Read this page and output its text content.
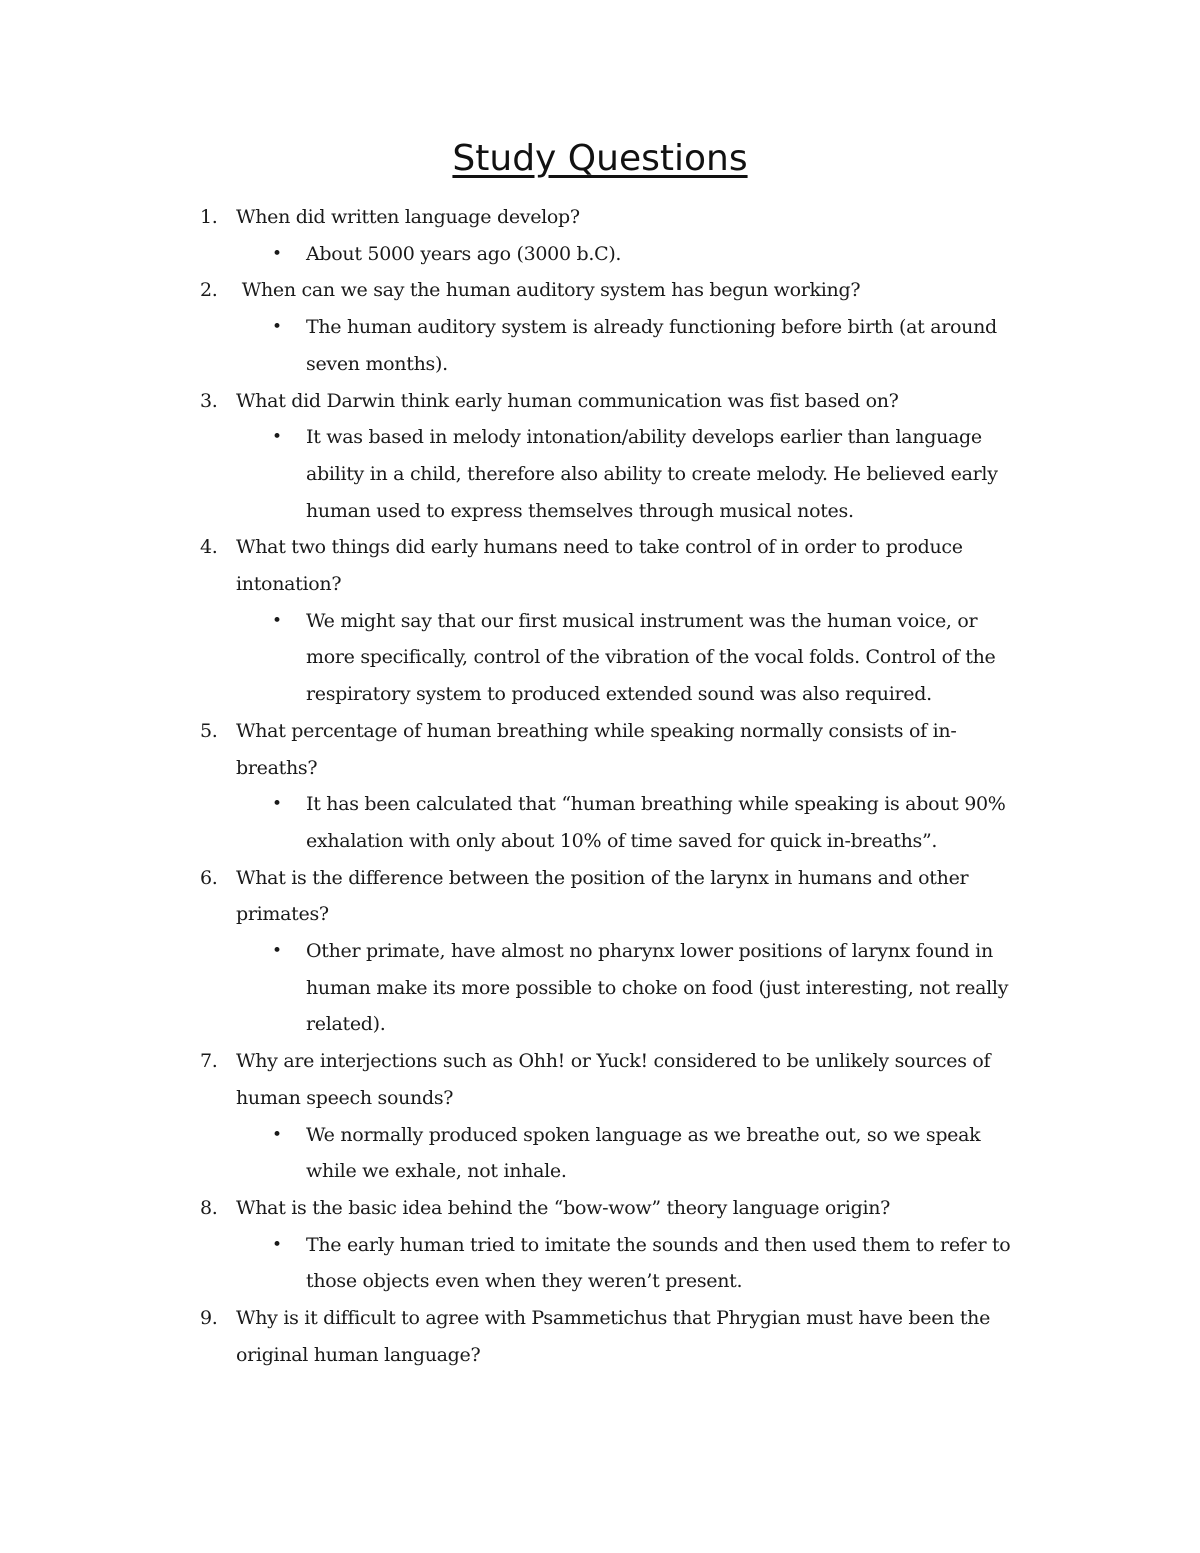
Study Questions
1. When did written language develop?
• About 5000 years ago (3000 b.C).
2. When can we say the human auditory system has begun working?
• The human auditory system is already functioning before birth (at around seven months).
3. What did Darwin think early human communication was fist based on?
• It was based in melody intonation/ability develops earlier than language ability in a child, therefore also ability to create melody. He believed early human used to express themselves through musical notes.
4. What two things did early humans need to take control of in order to produce intonation?
• We might say that our first musical instrument was the human voice, or more specifically, control of the vibration of the vocal folds. Control of the respiratory system to produced extended sound was also required.
5. What percentage of human breathing while speaking normally consists of in-breaths?
• It has been calculated that “human breathing while speaking is about 90% exhalation with only about 10% of time saved for quick in-breaths”.
6. What is the difference between the position of the larynx in humans and other primates?
• Other primate, have almost no pharynx lower positions of larynx found in human make its more possible to choke on food (just interesting, not really related).
7. Why are interjections such as Ohh! or Yuck! considered to be unlikely sources of human speech sounds?
• We normally produced spoken language as we breathe out, so we speak while we exhale, not inhale.
8. What is the basic idea behind the “bow-wow” theory language origin?
• The early human tried to imitate the sounds and then used them to refer to those objects even when they weren’t present.
9. Why is it difficult to agree with Psammetichus that Phrygian must have been the original human language?
